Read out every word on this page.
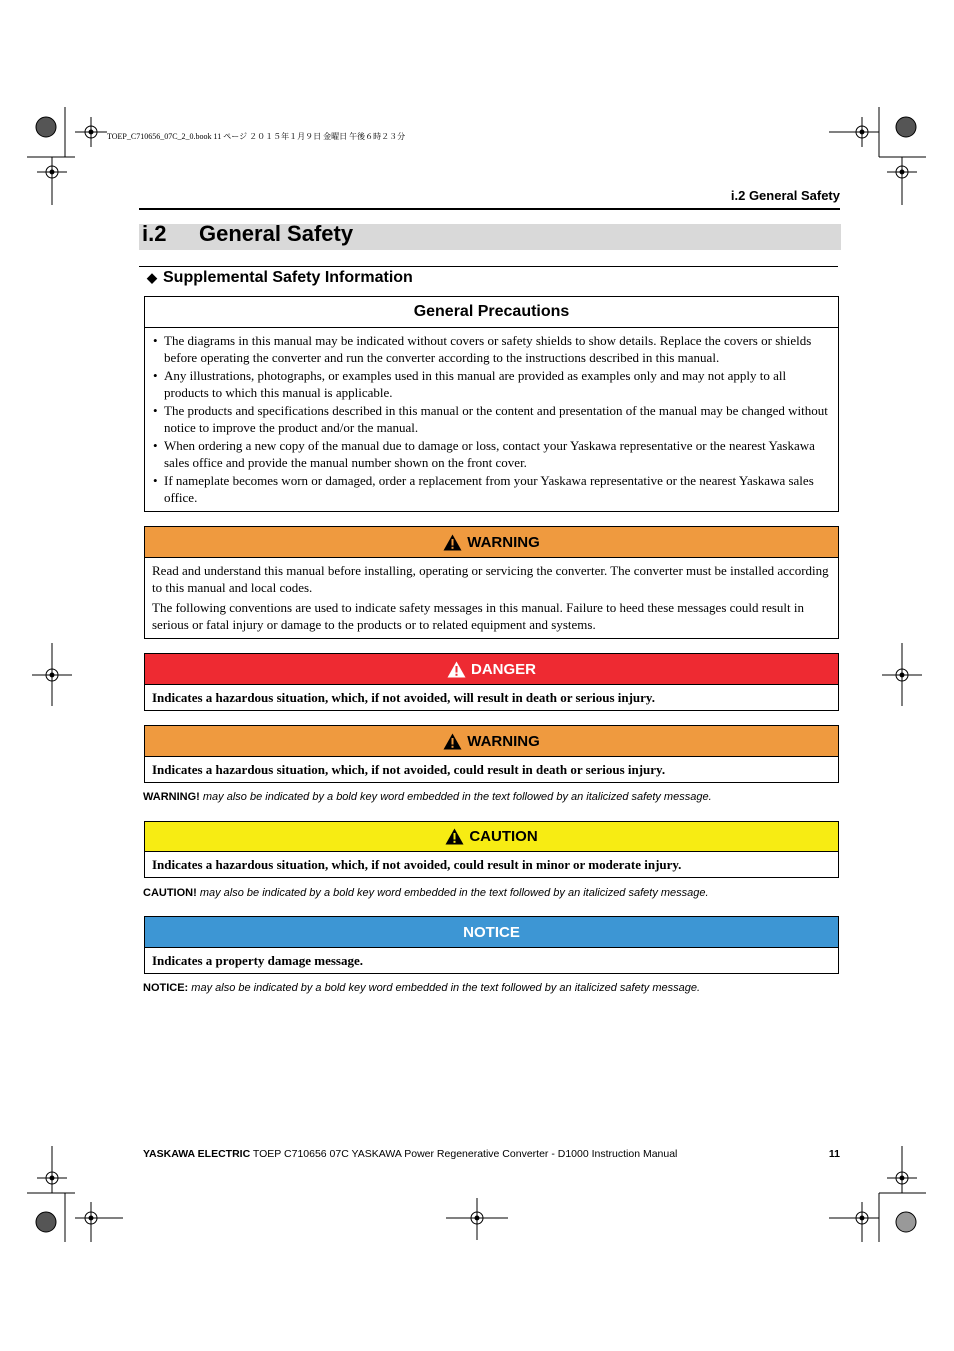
TOEP_C710656_07C_2_0.book 11 ページ ２０１５年１月９日 金曜日 午後６時２３分
i.2 General Safety
i.2 General Safety
◆ Supplemental Safety Information
General Precautions
• The diagrams in this manual may be indicated without covers or safety shields to show details. Replace the covers or shields before operating the converter and run the converter according to the instructions described in this manual.
• Any illustrations, photographs, or examples used in this manual are provided as examples only and may not apply to all products to which this manual is applicable.
• The products and specifications described in this manual or the content and presentation of the manual may be changed without notice to improve the product and/or the manual.
• When ordering a new copy of the manual due to damage or loss, contact your Yaskawa representative or the nearest Yaskawa sales office and provide the manual number shown on the front cover.
• If nameplate becomes worn or damaged, order a replacement from your Yaskawa representative or the nearest Yaskawa sales office.
WARNING

Read and understand this manual before installing, operating or servicing the converter. The converter must be installed according to this manual and local codes.

The following conventions are used to indicate safety messages in this manual. Failure to heed these messages could result in serious or fatal injury or damage to the products or to related equipment and systems.

DANGER
Indicates a hazardous situation, which, if not avoided, will result in death or serious injury.
WARNING
Indicates a hazardous situation, which, if not avoided, could result in death or serious injury.
WARNING! may also be indicated by a bold key word embedded in the text followed by an italicized safety message.
CAUTION
Indicates a hazardous situation, which, if not avoided, could result in minor or moderate injury.
CAUTION! may also be indicated by a bold key word embedded in the text followed by an italicized safety message.
NOTICE
Indicates a property damage message.
NOTICE: may also be indicated by a bold key word embedded in the text followed by an italicized safety message.
YASKAWA ELECTRIC TOEP C710656 07C YASKAWA Power Regenerative Converter - D1000 Instruction Manual	11
